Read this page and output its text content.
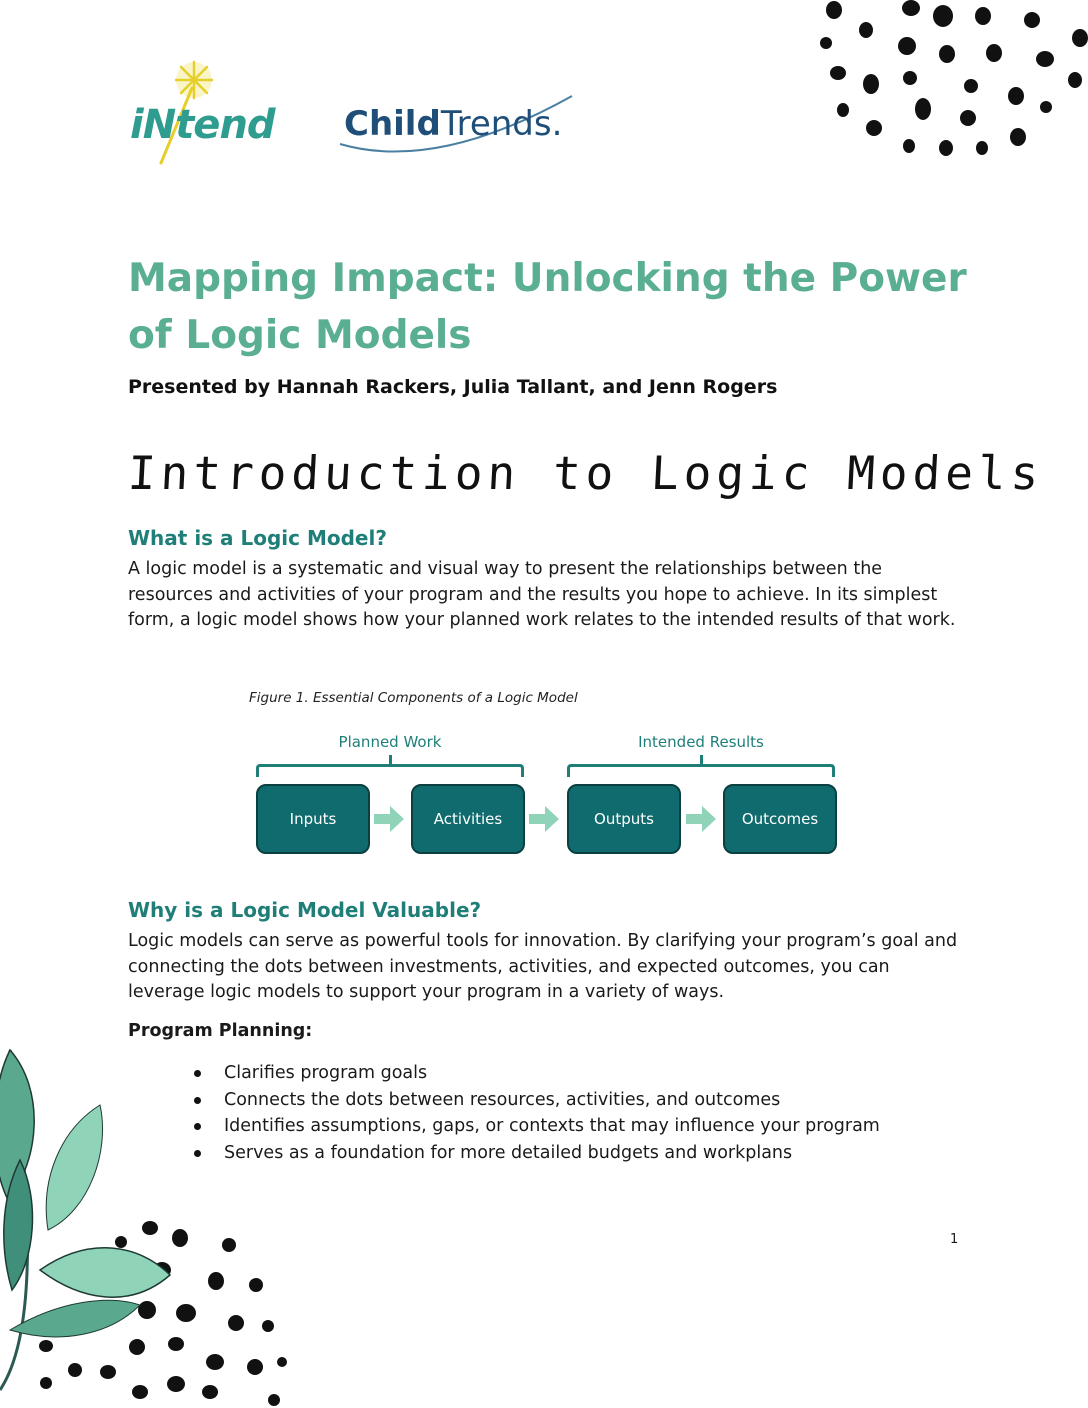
iNtend ChildTrends.
Mapping Impact: Unlocking the Power of Logic Models

Presented by Hannah Rackers, Julia Tallant, and Jenn Rogers

Introduction to Logic Models
What is a Logic Model?

A logic model is a systematic and visual way to present the relationships between the resources and activities of your program and the results you hope to achieve. In its simplest form, a logic model shows how your planned work relates to the intended results of that work.

Figure 1. Essential Components of a Logic Model

Planned Work	Intended Results
Inputs	Activities	Outputs	Outcomes
Why is a Logic Model Valuable?

Logic models can serve as powerful tools for innovation. By clarifying your program’s goal and connecting the dots between investments, activities, and expected outcomes, you can leverage logic models to support your program in a variety of ways.

Program Planning:

Clarifies program goals
Connects the dots between resources, activities, and outcomes
Identifies assumptions, gaps, or contexts that may influence your program
Serves as a foundation for more detailed budgets and workplans

1
